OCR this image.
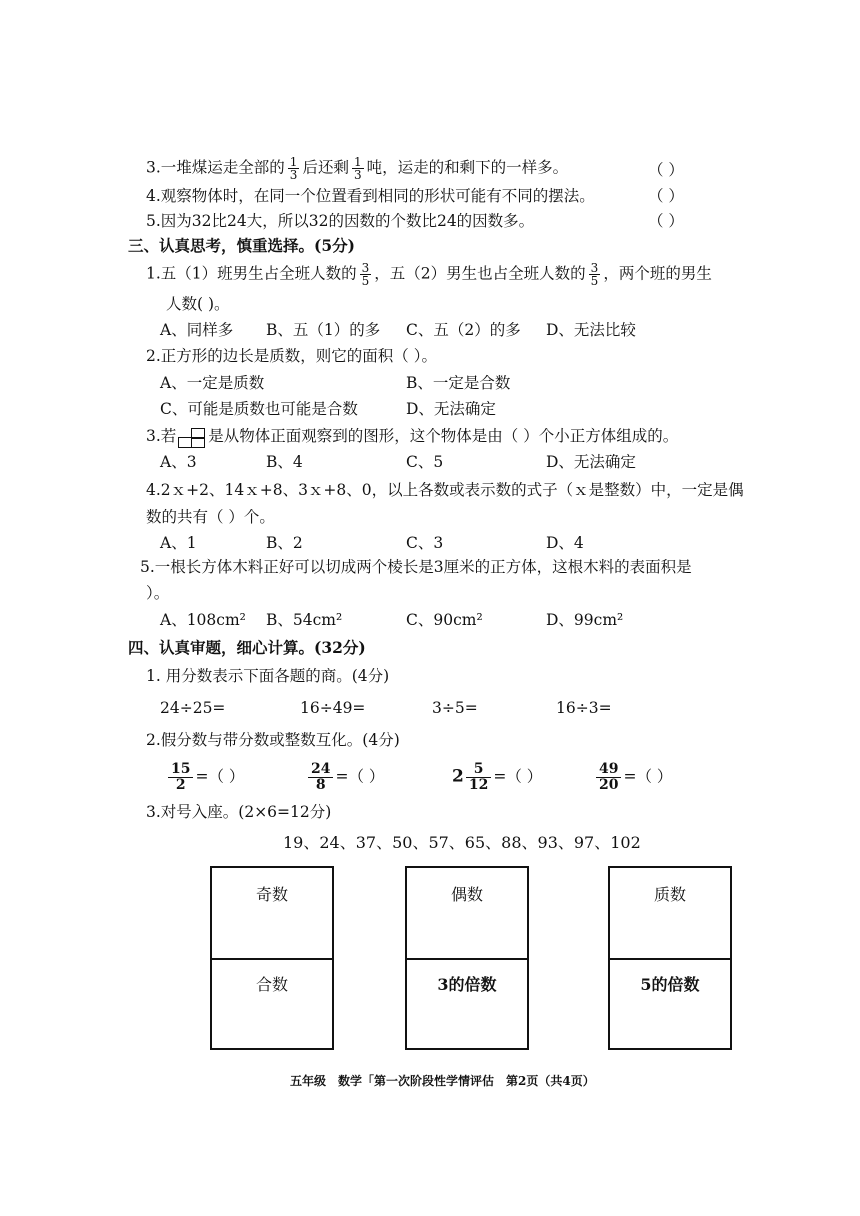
3.一堆煤运走全部的 $\frac{1}{3}$ 后还剩 $\frac{1}{3}$ 吨，运走的和剩下的一样多。	（ ）
4.观察物体时，在同一个位置看到相同的形状可能有不同的摆法。	（ ）
5.因为32比24大，所以32的因数的个数比24的因数多。	（ ）
三、认真思考，慎重选择。(5分)
1.五（1）班男生占全班人数的 $\frac{3}{5}$ ，五（2）男生也占全班人数的 $\frac{3}{5}$ ，两个班的男生
人数( )。
A、同样多 B、五（1）的多 C、五（2）的多 D、无法比较
2.正方形的边长是质数，则它的面积（ ）。
A、一定是质数	B、一定是合数
C、可能是质数也可能是合数	D、无法确定
3.若 是从物体正面观察到的图形，这个物体是由（ ）个小正方体组成的。
A、3	B、4	C、5	D、无法确定
4.2ｘ+2、14ｘ+8、3ｘ+8、0，以上各数或表示数的式子（ｘ是整数）中，一定是偶
数的共有（ ）个。
A、1	B、2	C、3	D、4
5.一根长方体木料正好可以切成两个棱长是3厘米的正方体，这根木料的表面积是
）。
A、108cm² B、54cm²	C、90cm²	D、99cm²
四、认真审题，细心计算。(32分)
1. 用分数表示下面各题的商。(4分)
24÷25=	16÷49=	3÷5=	16÷3=
2.假分数与带分数或整数互化。(4分)
$\frac{15}{2}$ =（ ）	$\frac{24}{8}$ =（ ）	$2 \frac{5}{12}$ =（ ）	$\frac{49}{20}$ =（ ）
3.对号入座。(2×6=12分)
19、24、37、50、57、65、88、93、97、102
奇数
合数
偶数
3的倍数
质数
5的倍数
五年级　数学「第一次阶段性学情评估　第2页（共4页）
